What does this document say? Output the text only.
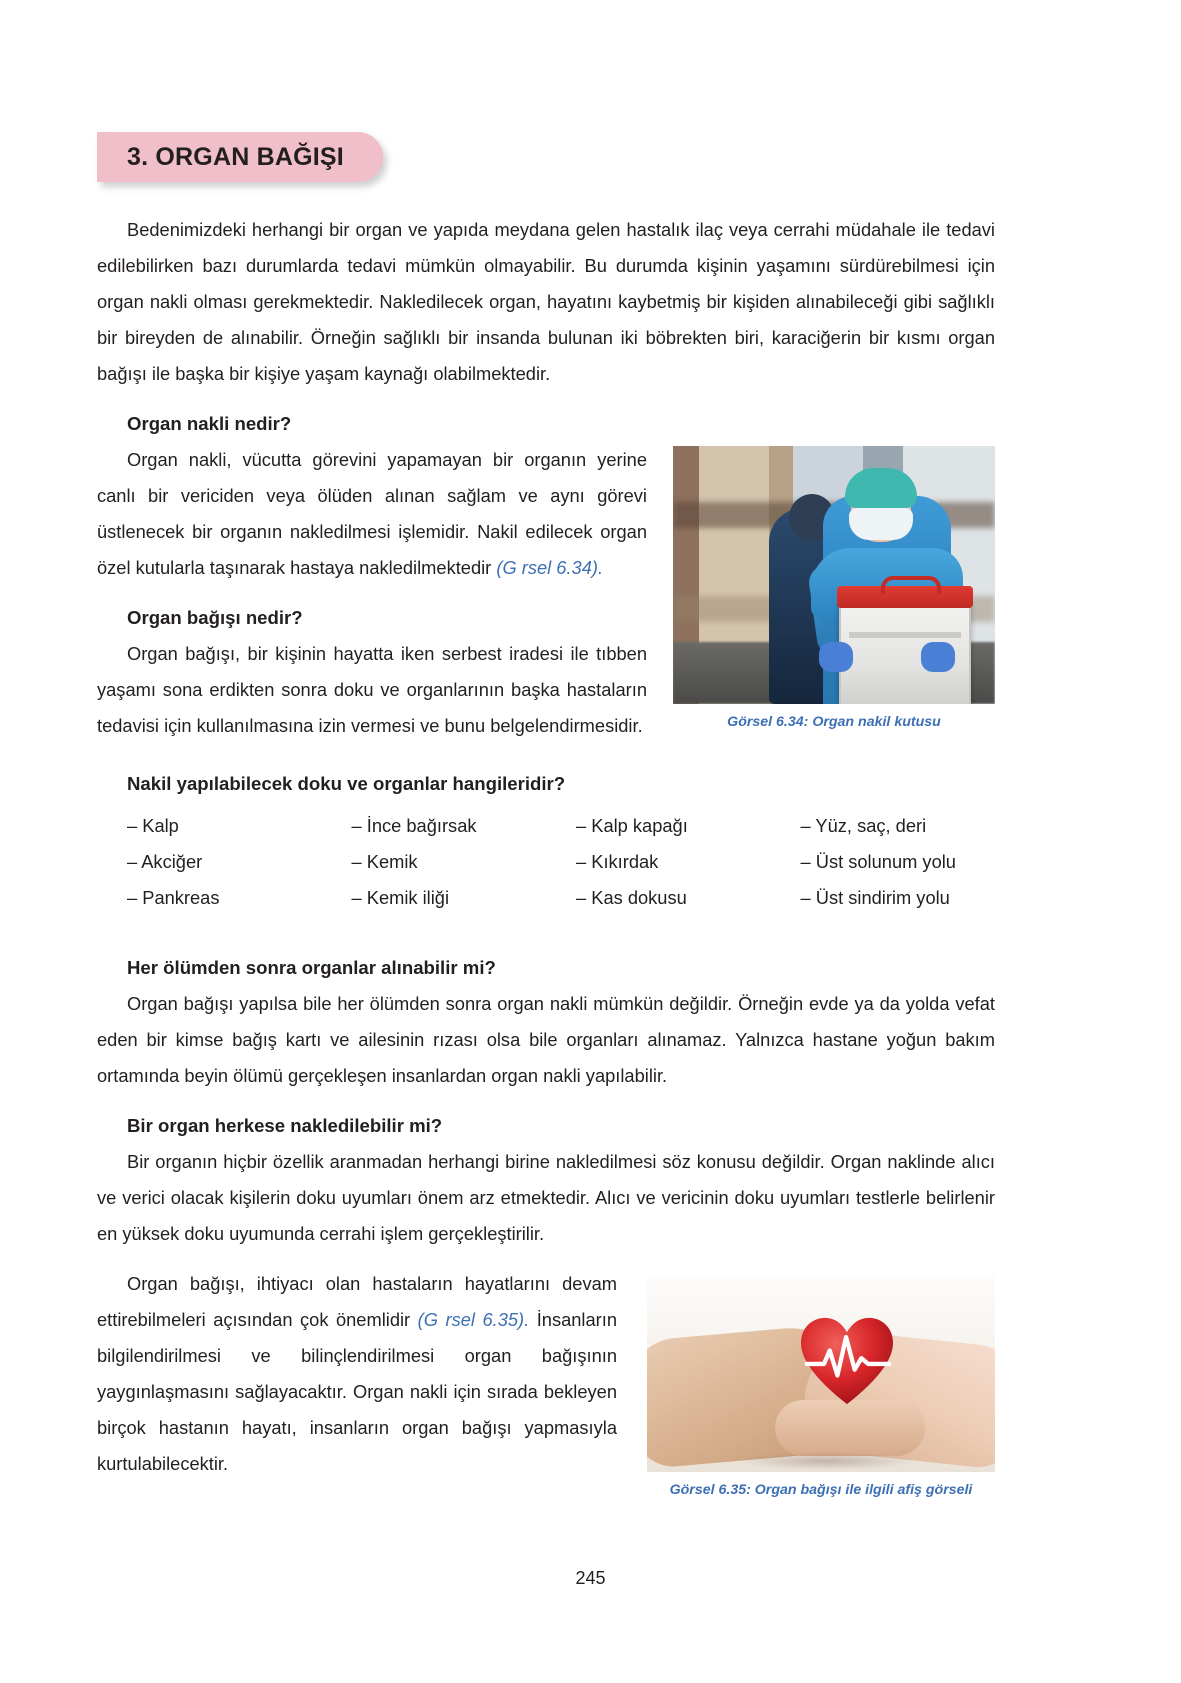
3. ORGAN BAĞIŞI

Bedenimizdeki herhangi bir organ ve yapıda meydana gelen hastalık ilaç veya cerrahi müdahale ile tedavi edilebilirken bazı durumlarda tedavi mümkün olmayabilir. Bu durumda kişinin yaşamını sürdürebilmesi için organ nakli olması gerekmektedir. Nakledilecek organ, hayatını kaybetmiş bir kişiden alınabileceği gibi sağlıklı bir bireyden de alınabilir. Örneğin sağlıklı bir insanda bulunan iki böbrekten biri, karaciğerin bir kısmı organ bağışı ile başka bir kişiye yaşam kaynağı olabilmektedir.

Organ nakli nedir?
Görsel 6.34: Organ nakil kutusu

Organ nakli, vücutta görevini yapamayan bir organın yerine canlı bir vericiden veya ölüden alınan sağlam ve aynı görevi üstlenecek bir organın nakledilmesi işlemidir. Nakil edilecek organ özel kutularla taşınarak hastaya nakledilmektedir (G rsel 6.34).

Organ bağışı nedir?

Organ bağışı, bir kişinin hayatta iken serbest iradesi ile tıbben yaşamı sona erdikten sonra doku ve organlarının başka hastaların tedavisi için kullanılmasına izin vermesi ve bunu belgelendirmesidir.

Nakil yapılabilecek doku ve organlar hangileridir?
– Kalp	– İnce bağırsak	– Kalp kapağı	– Yüz, saç, deri
– Akciğer	– Kemik	– Kıkırdak	– Üst solunum yolu
– Pankreas	– Kemik iliği	– Kas dokusu	– Üst sindirim yolu
Her ölümden sonra organlar alınabilir mi?

Organ bağışı yapılsa bile her ölümden sonra organ nakli mümkün değildir. Örneğin evde ya da yolda vefat eden bir kimse bağış kartı ve ailesinin rızası olsa bile organları alınamaz. Yalnızca hastane yoğun bakım ortamında beyin ölümü gerçekleşen insanlardan organ nakli yapılabilir.

Bir organ herkese nakledilebilir mi?

Bir organın hiçbir özellik aranmadan herhangi birine nakledilmesi söz konusu değildir. Organ naklinde alıcı ve verici olacak kişilerin doku uyumları önem arz etmektedir. Alıcı ve vericinin doku uyumları testlerle belirlenir en yüksek doku uyumunda cerrahi işlem gerçekleştirilir.

Görsel 6.35: Organ bağışı ile ilgili afiş görseli

Organ bağışı, ihtiyacı olan hastaların hayatlarını devam ettirebilmeleri açısından çok önemlidir (G rsel 6.35). İnsanların bilgilendirilmesi ve bilinçlendirilmesi organ bağışının yaygınlaşmasını sağlayacaktır. Organ nakli için sırada bekleyen birçok hastanın hayatı, insanların organ bağışı yapmasıyla kurtulabilecektir.

245
